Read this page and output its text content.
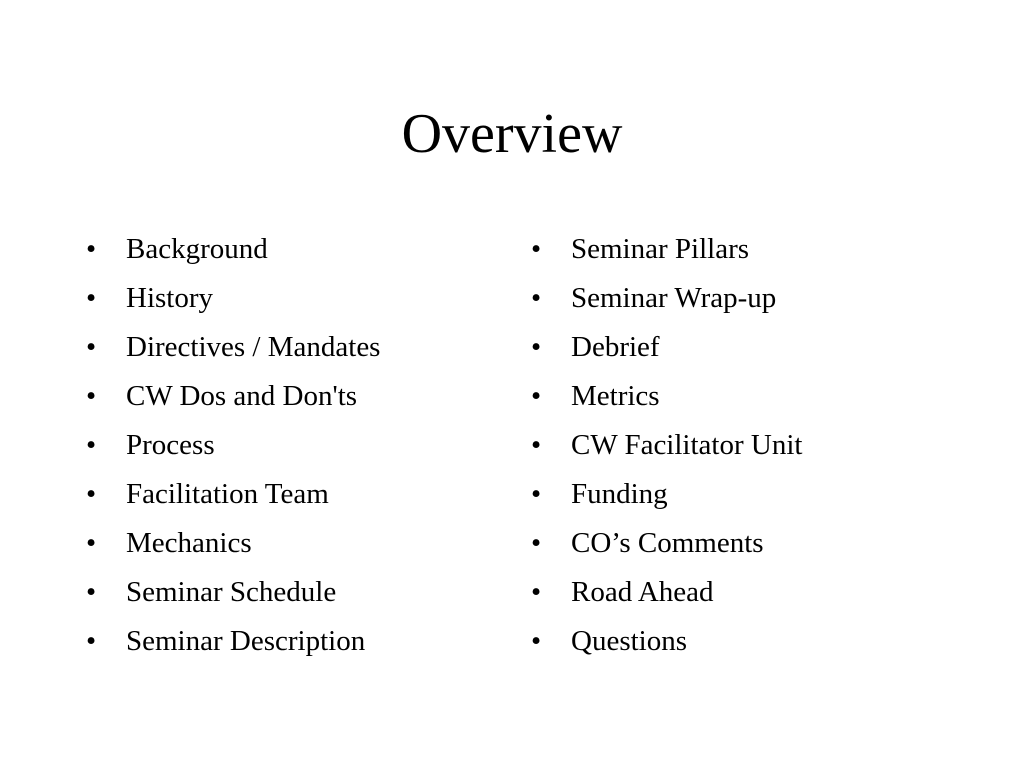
Overview
•	Background
•	History
•	Directives / Mandates
•	CW Dos and Don'ts
•	Process
•	Facilitation Team
•	Mechanics
•	Seminar Schedule
•	Seminar Description
•	Seminar Pillars
•	Seminar Wrap-up
•	Debrief
•	Metrics
•	CW Facilitator Unit
•	Funding
•	CO’s Comments
•	Road Ahead
•	Questions
